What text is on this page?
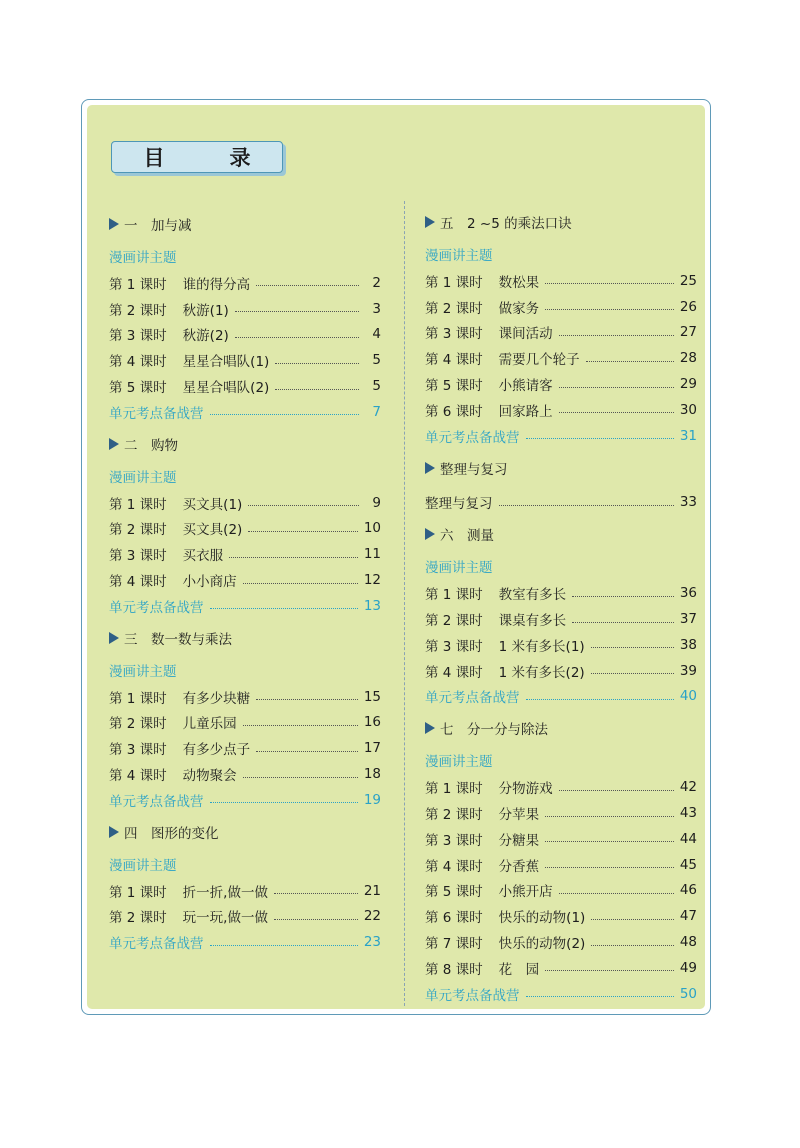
目　录
一　加与减
漫画讲主题
第 1 课时 谁的得分高	2
第 2 课时 秋游(1)	3
第 3 课时 秋游(2)	4
第 4 课时 星星合唱队(1)	5
第 5 课时 星星合唱队(2)	5
单元考点备战营	7
二　购物
漫画讲主题
第 1 课时 买文具(1)	9
第 2 课时 买文具(2)	10
第 3 课时 买衣服	11
第 4 课时 小小商店	12
单元考点备战营	13
三　数一数与乘法
漫画讲主题
第 1 课时 有多少块糖	15
第 2 课时 儿童乐园	16
第 3 课时 有多少点子	17
第 4 课时 动物聚会	18
单元考点备战营	19
四　图形的变化
漫画讲主题
第 1 课时 折一折,做一做	21
第 2 课时 玩一玩,做一做	22
单元考点备战营	23
五　2 ~5 的乘法口诀
漫画讲主题
第 1 课时 数松果	25
第 2 课时 做家务	26
第 3 课时 课间活动	27
第 4 课时 需要几个轮子	28
第 5 课时 小熊请客	29
第 6 课时 回家路上	30
单元考点备战营	31
整理与复习
整理与复习	33
六　测量
漫画讲主题
第 1 课时 教室有多长	36
第 2 课时 课桌有多长	37
第 3 课时 1 米有多长(1)	38
第 4 课时 1 米有多长(2)	39
单元考点备战营	40
七　分一分与除法
漫画讲主题
第 1 课时 分物游戏	42
第 2 课时 分苹果	43
第 3 课时 分糖果	44
第 4 课时 分香蕉	45
第 5 课时 小熊开店	46
第 6 课时 快乐的动物(1)	47
第 7 课时 快乐的动物(2)	48
第 8 课时 花　园	49
单元考点备战营	50
